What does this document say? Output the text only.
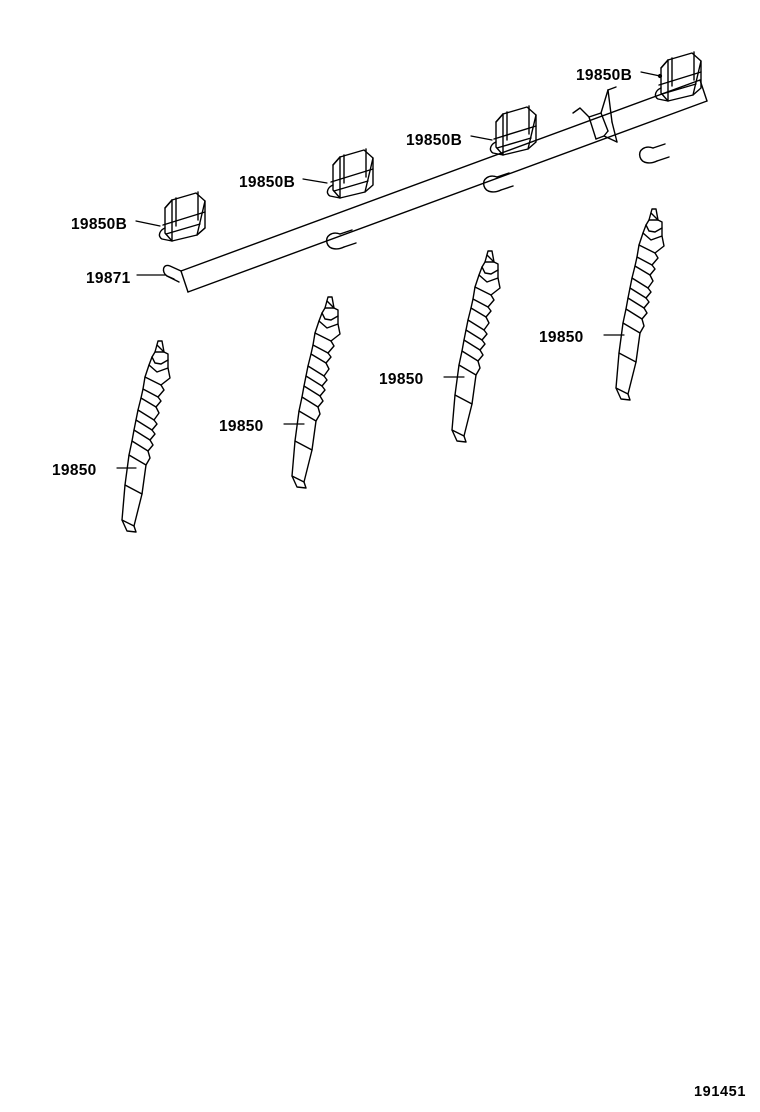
19850B
19850B
19850B
19850B
19871
19850
19850
19850
19850
191451
